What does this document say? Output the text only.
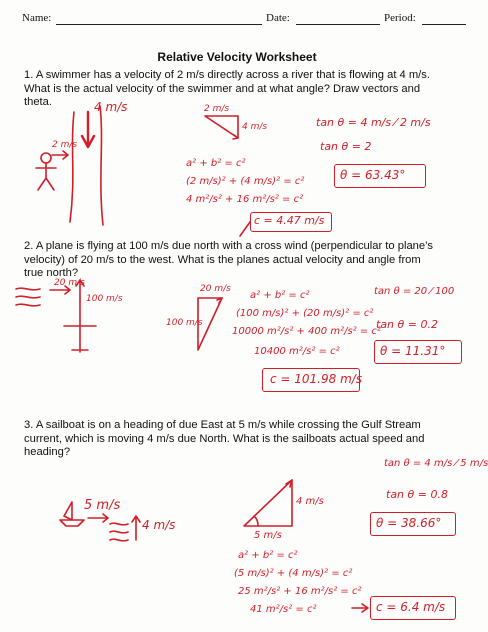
Name:	Date:	Period:
Relative Velocity Worksheet
1. A swimmer has a velocity of 2 m/s directly across a river that is flowing at 4 m/s.
What is the actual velocity of the swimmer and at what angle? Draw vectors and
theta.
2. A plane is flying at 100 m/s due north with a cross wind (perpendicular to plane’s
velocity) of 20 m/s to the west. What is the planes actual velocity and angle from
true north?
3. A sailboat is on a heading of due East at 5 m/s while crossing the Gulf Stream
current, which is moving 4 m/s due North. What is the sailboats actual speed and
heading?
4 m/s
2 m/s
2 m/s
4 m/s
a² + b² = c²
(2 m/s)² + (4 m/s)² = c²
4 m²/s² + 16 m²/s² = c²
c = 4.47 m/s
tan θ = 4 m/s ⁄ 2 m/s
tan θ = 2
θ = 63.43°
20 m/s
100 m/s
20 m/s
100 m/s
a² + b² = c²
(100 m/s)² + (20 m/s)² = c²
10000 m²/s² + 400 m²/s² = c²
10400 m²/s² = c²
c = 101.98 m/s
tan θ = 20 ⁄ 100
tan θ = 0.2
θ = 11.31°
5 m/s
4 m/s
4 m/s
5 m/s
a² + b² = c²
(5 m/s)² + (4 m/s)² = c²
25 m²/s² + 16 m²/s² = c²
41 m²/s² = c²	c = 6.4 m/s
tan θ = 4 m/s ⁄ 5 m/s
tan θ = 0.8
θ = 38.66°
